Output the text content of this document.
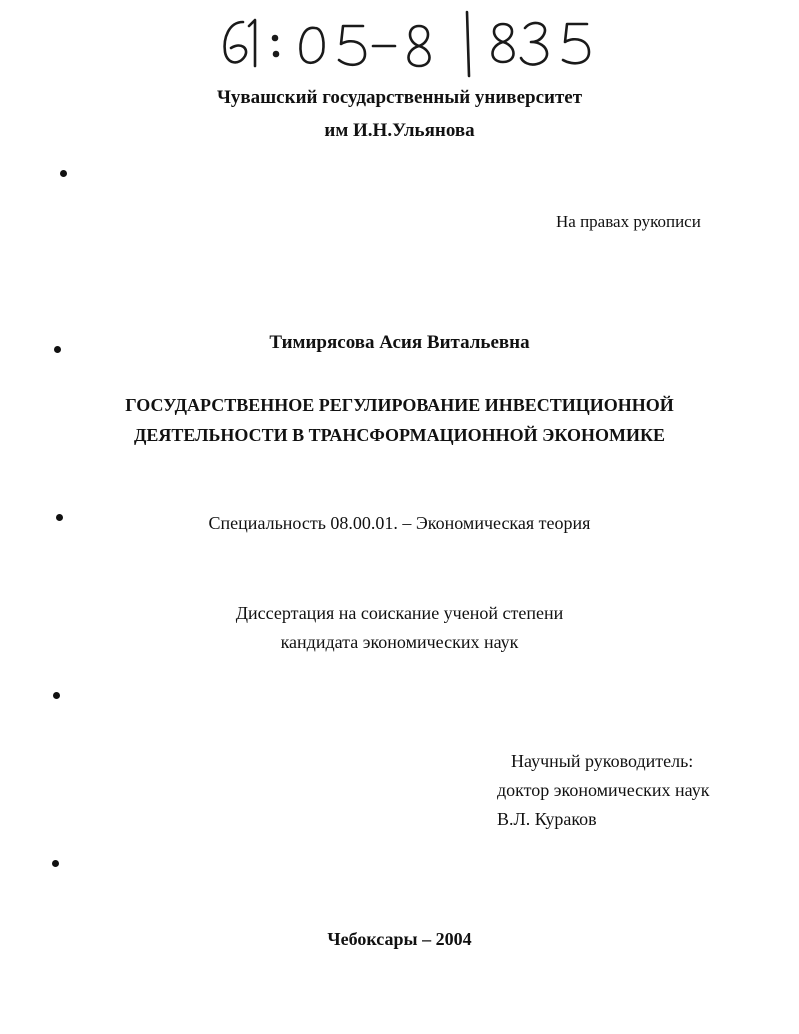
Чувашский государственный университет
им И.Н.Ульянова
На правах рукописи
Тимирясова Асия Витальевна
ГОСУДАРСТВЕННОЕ РЕГУЛИРОВАНИЕ ИНВЕСТИЦИОННОЙ
ДЕЯТЕЛЬНОСТИ В ТРАНСФОРМАЦИОННОЙ ЭКОНОМИКЕ
Специальность 08.00.01. – Экономическая теория
Диссертация на соискание ученой степени
кандидата экономических наук
Научный руководитель:
доктор экономических наук
В.Л. Кураков
Чебоксары – 2004
